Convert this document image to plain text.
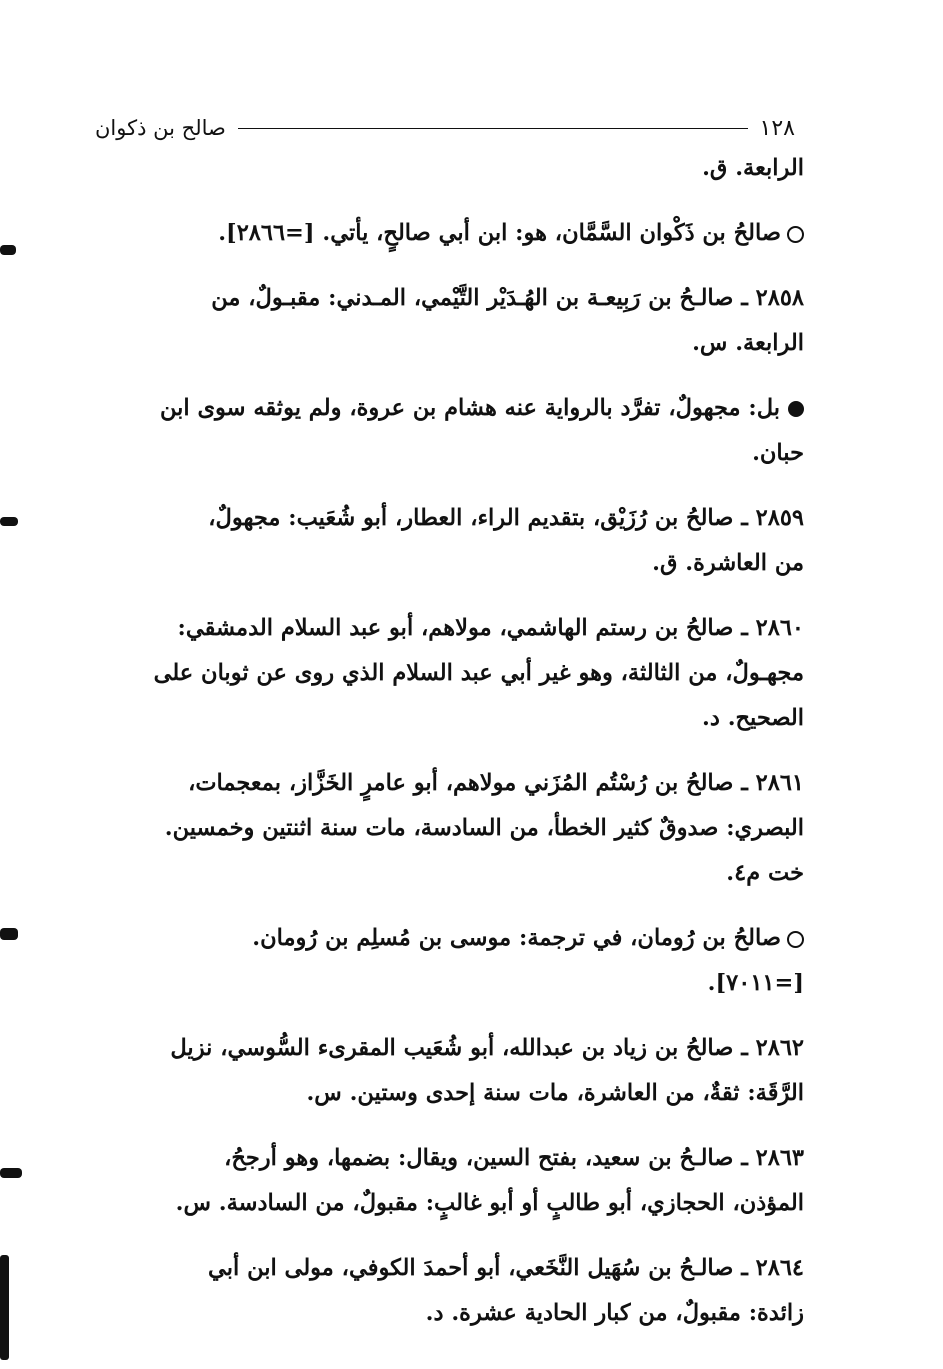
١٢٨
صالح بن ذكوان
الرابعة. ق.
صالحُ بن ذَكْوان السَّمَّان، هو: ابن أبي صالحٍ، يأتي. [=٢٨٦٦].
٢٨٥٨ ـ صالـحُ بن رَبِيعـة بن الهُـدَيْر التَّيْمي، المـدني: مقبـولٌ، من
الرابعة. س.
بل: مجهولٌ، تفرَّد بالرواية عنه هشام بن عروة، ولم يوثقه سوى ابن
حبان.
٢٨٥٩ ـ صالحُ بن رُزَيْق، بتقديم الراء، العطار، أبو شُعَيب: مجهولٌ،
من العاشرة. ق.
٢٨٦٠ ـ صالحُ بن رستم الهاشمي، مولاهم، أبو عبد السلام الدمشقي:
مجهـولٌ، من الثالثة، وهو غير أبي عبد السلام الذي روى عن ثوبان على
الصحيح. د.
٢٨٦١ ـ صالحُ بن رُسْتُم المُزَني مولاهم، أبو عامرٍ الخَزَّاز، بمعجمات،
البصري: صدوقٌ كثير الخطأ، من السادسة، مات سنة اثنتين وخمسين.
خت م٤.
صالحُ بن رُومان، في ترجمة: موسى بن مُسلِم بن رُومان.
[=٧٠١١].
٢٨٦٢ ـ صالحُ بن زياد بن عبدالله، أبو شُعَيب المقرىء السُّوسي، نزيل
الرَّقَة: ثقةٌ، من العاشرة، مات سنة إحدى وستين. س.
٢٨٦٣ ـ صالـحُ بن سعيد، بفتح السين، ويقال: بضمها، وهو أرجحُ،
المؤذن، الحجازي، أبو طالبٍ أو أبو غالبٍ: مقبولٌ، من السادسة. س.
٢٨٦٤ ـ صالـحُ بن سُهَيل النَّخَعي، أبو أحمدَ الكوفي، مولى ابن أبي
زائدة: مقبولٌ، من كبار الحادية عشرة. د.
